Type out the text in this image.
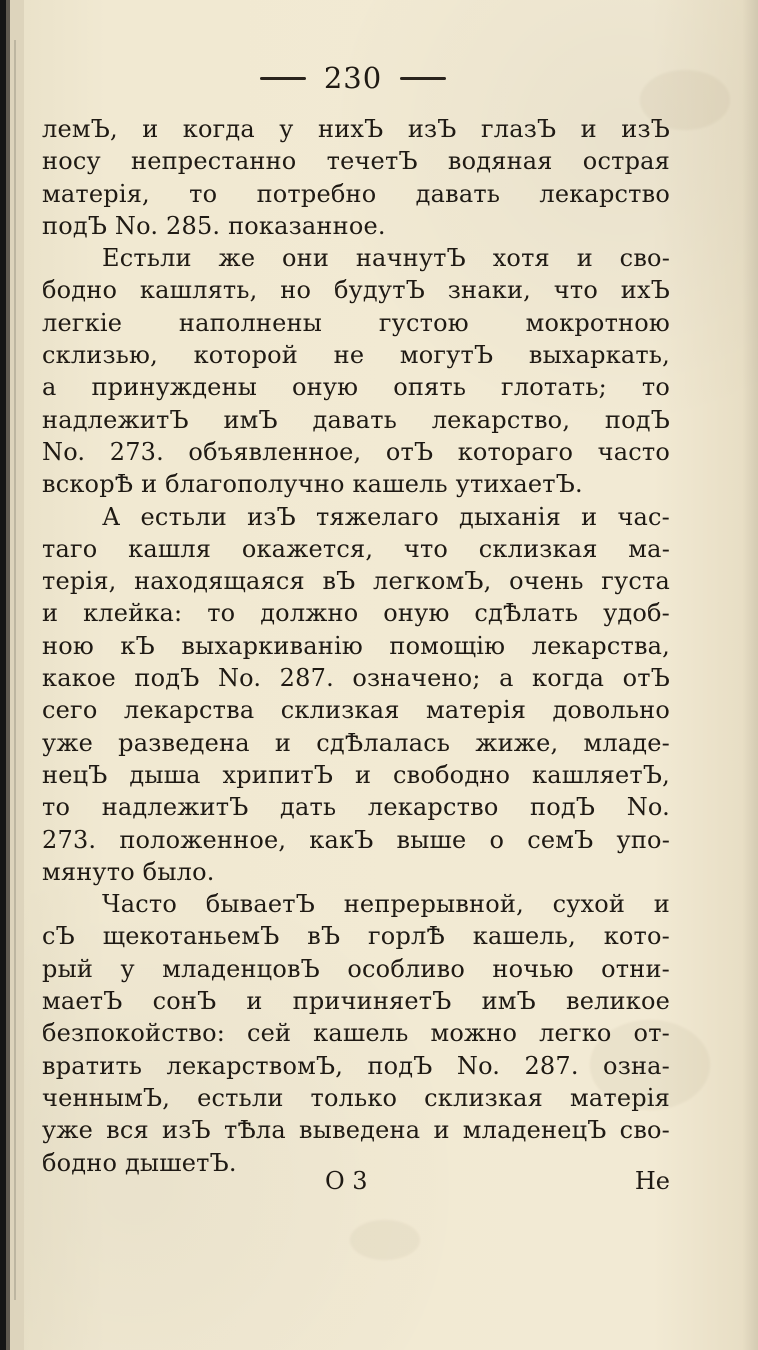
230
лемЪ, и когда у нихЪ изЪ глазЪ и изЪ
носу непрестанно течетЪ водяная острая
матерія, то потребно давать лекарство
подЪ No. 285. показанное.
Естьли же они начнутЪ хотя и сво-
бодно кашлять, но будутЪ знаки, что ихЪ
легкіе наполнены густою мокротною
склизью, которой не могутЪ выхаркать,
а принуждены оную опять глотать; то
надлежитЪ имЪ давать лекарство, подЪ
No. 273. объявленное, отЪ котораго часто
вскорѢ и благополучно кашель утихаетЪ.
А естьли изЪ тяжелаго дыханія и час-
таго кашля окажется, что склизкая ма-
терія, находящаяся вЪ легкомЪ, очень густа
и клейка: то должно оную сдѢлать удоб-
ною кЪ выхаркиванію помощію лекарства,
какое подЪ No. 287. означено; а когда отЪ
сего лекарства склизкая матерія довольно
уже разведена и сдѢлалась жиже, младе-
нецЪ дыша хрипитЪ и свободно кашляетЪ,
то надлежитЪ дать лекарство подЪ No.
273. положенное, какЪ выше о семЪ упо-
мянуто было.
Часто бываетЪ непрерывной, сухой и
сЪ щекотаньемЪ вЪ горлѢ кашель, кото-
рый у младенцовЪ особливо ночью отни-
маетЪ сонЪ и причиняетЪ имЪ великое
безпокойство: сей кашель можно легко от-
вратить лекарствомЪ, подЪ No. 287. озна-
ченнымЪ, естьли только склизкая матерія
уже вся изЪ тѢла выведена и младенецЪ сво-
бодно дышетЪ.
О 3	Не
